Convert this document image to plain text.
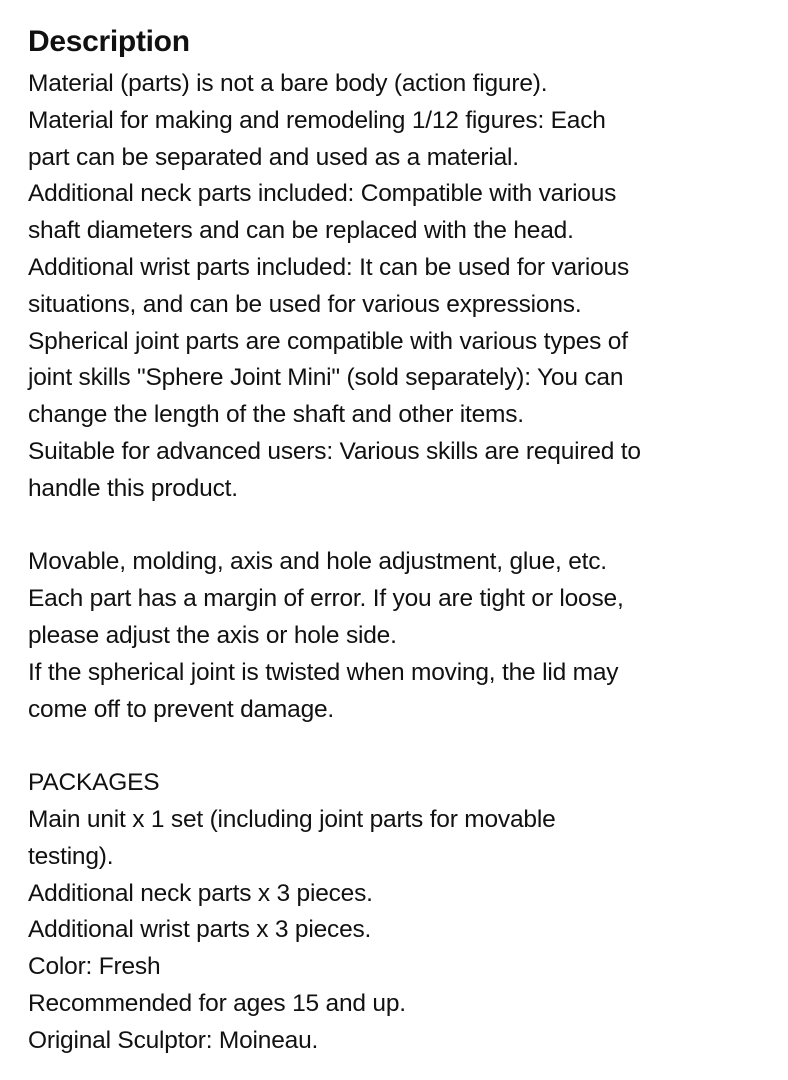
Description
Material (parts) is not a bare body (action figure).
Material for making and remodeling 1/12 figures: Each
part can be separated and used as a material.
Additional neck parts included: Compatible with various
shaft diameters and can be replaced with the head.
Additional wrist parts included: It can be used for various
situations, and can be used for various expressions.
Spherical joint parts are compatible with various types of
joint skills "Sphere Joint Mini" (sold separately): You can
change the length of the shaft and other items.
Suitable for advanced users: Various skills are required to
handle this product.
Movable, molding, axis and hole adjustment, glue, etc.
Each part has a margin of error. If you are tight or loose,
please adjust the axis or hole side.
If the spherical joint is twisted when moving, the lid may
come off to prevent damage.
PACKAGES
Main unit x 1 set (including joint parts for movable
testing).
Additional neck parts x 3 pieces.
Additional wrist parts x 3 pieces.
Color: Fresh
Recommended for ages 15 and up.
Original Sculptor: Moineau.
